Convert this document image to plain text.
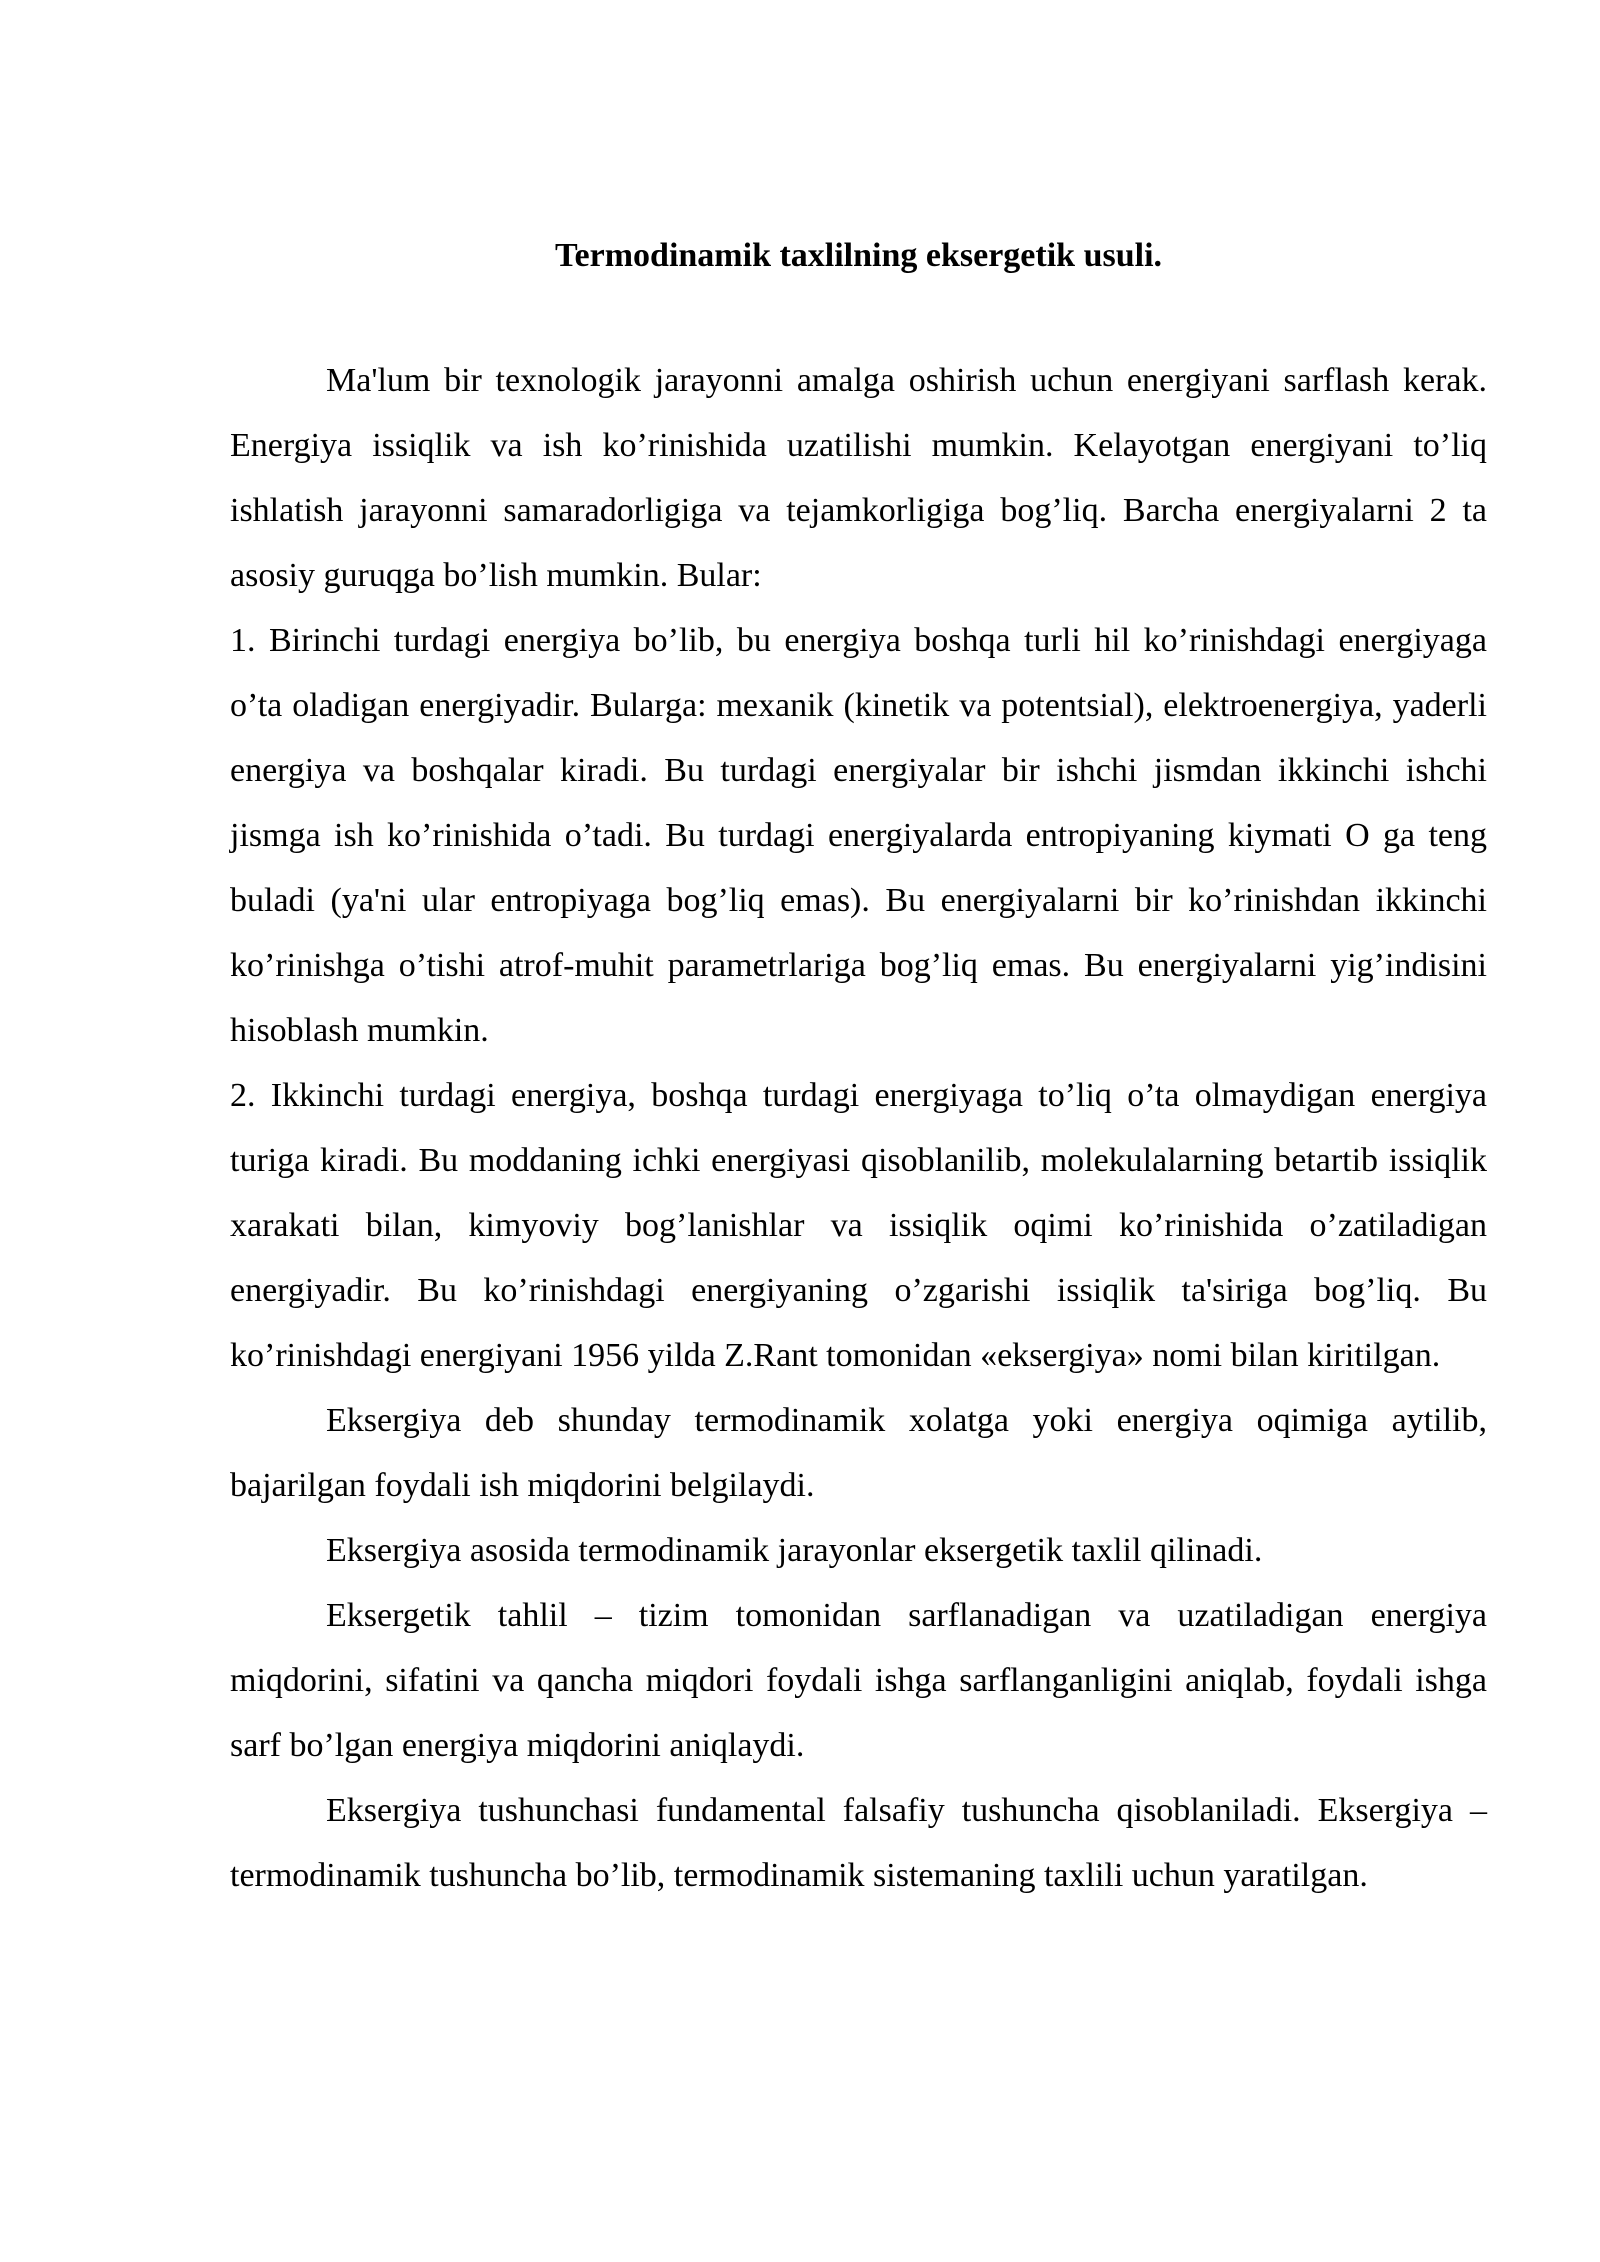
Termodinamik taxlilning eksergetik usuli.

Ma'lum bir texnologik jarayonni amalga oshirish uchun energiyani sarflash kerak. Energiya issiqlik va ish ko’rinishida uzatilishi mumkin. Kelayotgan energiyani to’liq ishlatish jarayonni samaradorligiga va tejamkorligiga bog’liq. Barcha energiyalarni 2 ta asosiy guruqga bo’lish mumkin. Bular:

1. Birinchi turdagi energiya bo’lib, bu energiya boshqa turli hil ko’rinishdagi energiyaga o’ta oladigan energiyadir. Bularga: mexanik (kinetik va potentsial), elektroenergiya, yaderli energiya va boshqalar kiradi. Bu turdagi energiyalar bir ishchi jismdan ikkinchi ishchi jismga ish ko’rinishida o’tadi. Bu turdagi energiyalarda entropiyaning kiymati O ga teng buladi (ya'ni ular entropiyaga bog’liq emas). Bu energiyalarni bir ko’rinishdan ikkinchi ko’rinishga o’tishi atrof-muhit parametrlariga bog’liq emas. Bu energiyalarni yig’indisini hisoblash mumkin.

2. Ikkinchi turdagi energiya, boshqa turdagi energiyaga to’liq o’ta olmaydigan energiya turiga kiradi. Bu moddaning ichki energiyasi qisoblanilib, molekulalarning betartib issiqlik xarakati bilan, kimyoviy bog’lanishlar va issiqlik oqimi ko’rinishida o’zatiladigan energiyadir. Bu ko’rinishdagi energiyaning o’zgarishi issiqlik ta'siriga bog’liq. Bu ko’rinishdagi energiyani 1956 yilda Z.Rant tomonidan «eksergiya» nomi bilan kiritilgan.

Eksergiya deb shunday termodinamik xolatga yoki energiya oqimiga aytilib, bajarilgan foydali ish miqdorini belgilaydi.

Eksergiya asosida termodinamik jarayonlar eksergetik taxlil qilinadi.

Eksergetik tahlil – tizim tomonidan sarflanadigan va uzatiladigan energiya miqdorini, sifatini va qancha miqdori foydali ishga sarflanganligini aniqlab, foydali ishga sarf bo’lgan energiya miqdorini aniqlaydi.

Eksergiya tushunchasi fundamental falsafiy tushuncha qisoblaniladi. Eksergiya – termodinamik tushuncha bo’lib, termodinamik sistemaning taxlili uchun yaratilgan.
